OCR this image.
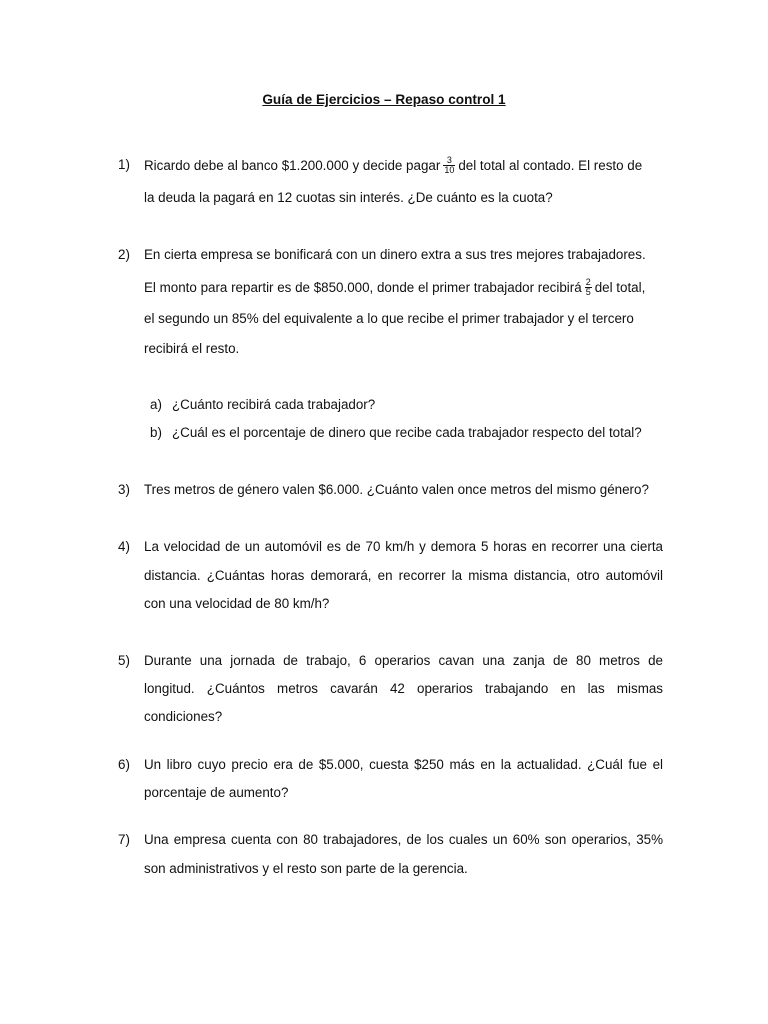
Guía de Ejercicios – Repaso control 1
1)	Ricardo debe al banco $1.200.000 y decide pagar $\frac{3}{10}$ del total al contado. El resto de
la deuda la pagará en 12 cuotas sin interés. ¿De cuánto es la cuota?
2)	En cierta empresa se bonificará con un dinero extra a sus tres mejores trabajadores.
El monto para repartir es de $850.000, donde el primer trabajador recibirá $\frac{2}{5}$ del total,
el segundo un 85% del equivalente a lo que recibe el primer trabajador y el tercero
recibirá el resto.
a) ¿Cuánto recibirá cada trabajador?
b) ¿Cuál es el porcentaje de dinero que recibe cada trabajador respecto del total?
3)	Tres metros de género valen $6.000. ¿Cuánto valen once metros del mismo género?
4)	La velocidad de un automóvil es de 70 km/h y demora 5 horas en recorrer una cierta
distancia. ¿Cuántas horas demorará, en recorrer la misma distancia, otro automóvil
con una velocidad de 80 km/h?
5)	Durante una jornada de trabajo, 6 operarios cavan una zanja de 80 metros de
longitud. ¿Cuántos metros cavarán 42 operarios trabajando en las mismas
condiciones?
6)	Un libro cuyo precio era de $5.000, cuesta $250 más en la actualidad. ¿Cuál fue el
porcentaje de aumento?
7)	Una empresa cuenta con 80 trabajadores, de los cuales un 60% son operarios, 35%
son administrativos y el resto son parte de la gerencia.
